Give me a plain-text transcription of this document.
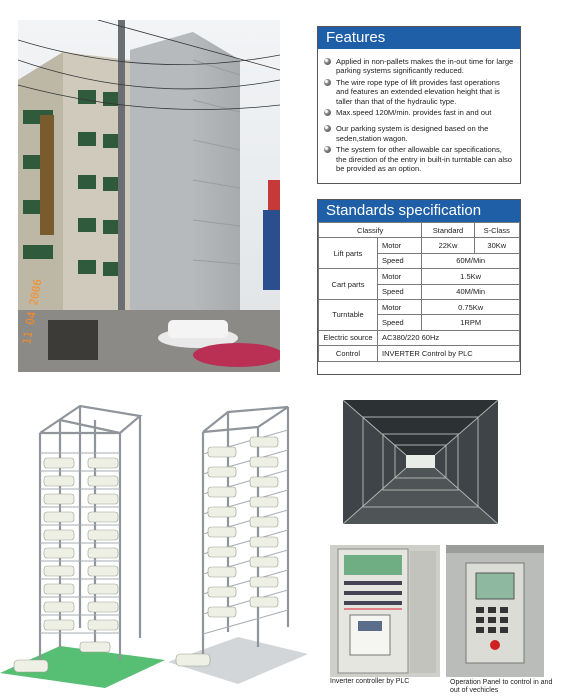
11 04 2006
Features
Applied in non-pallets makes the in-out time for large parking systems significantly reduced.
The wire rope type of lift provides fast operations and features an extended elevation height that is taller than that of the hydraulic type.
Max.speed 120M/min. provides fast in and out
Our parking system is designed based on the seden,station wagon.
The system for other allowable car specifications, the direction of the entry in built-in turntable can also be provided as an option.
Standards specification
Classify		Standard	S-Class
Lift parts	Motor	22Kw	30Kw
	Speed	60M/Min	
Cart parts	Motor	1.5Kw	
	Speed	40M/Min	
Turntable	Motor	0.75Kw	
	Speed	1RPM	
Electric source	AC380/220 60Hz		
Control	INVERTER Control by PLC		
Inverter controller by PLC	Operation Panel to control in and out of vechicles
